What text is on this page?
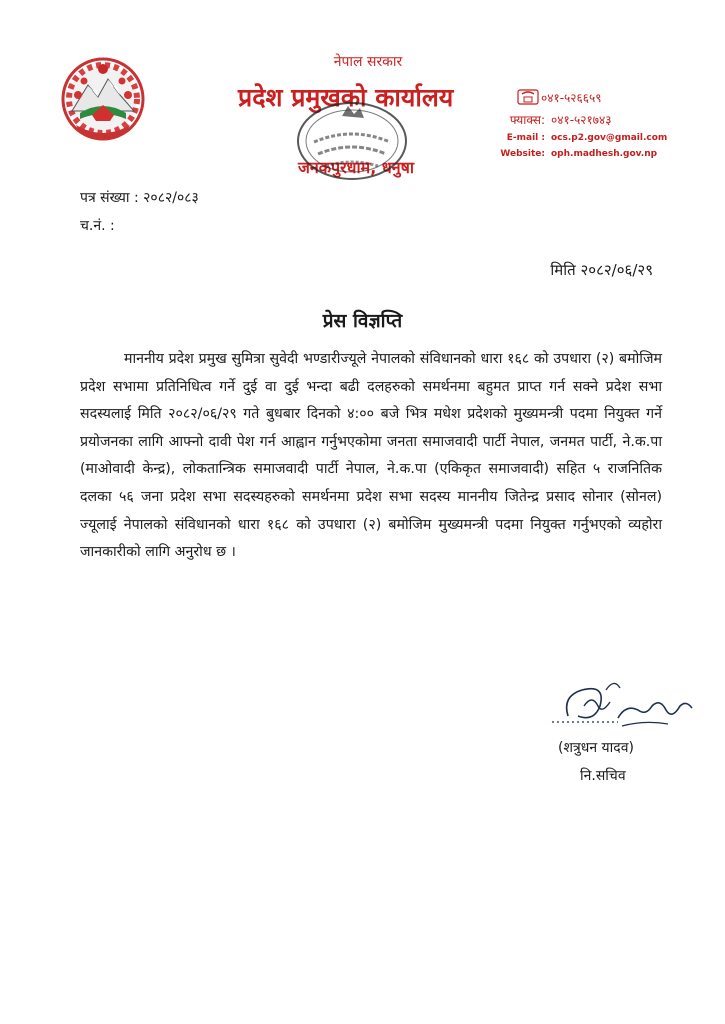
नेपाल सरकार
प्रदेश प्रमुखको कार्यालय
जनकपुरधाम, धनुषा
०४१-५२६६५९
फ्याक्स: ०४१-५२१७४३
E-mail : ocs.p2.gov@gmail.com
Website: oph.madhesh.gov.np
पत्र संख्या : २०८२/०८३
च.नं. :
मिति २०८२/०६/२९
प्रेस विज्ञप्ति
माननीय प्रदेश प्रमुख सुमित्रा सुवेदी भण्डारीज्यूले नेपालको संविधानको धारा १६८ को उपधारा (२) बमोजिम प्रदेश सभामा प्रतिनिधित्व गर्ने दुई वा दुई भन्दा बढी दलहरुको समर्थनमा बहुमत प्राप्त गर्न सक्ने प्रदेश सभा सदस्यलाई मिति २०८२/०६/२९ गते बुधबार दिनको ४:०० बजे भित्र मधेश प्रदेशको मुख्यमन्त्री पदमा नियुक्त गर्ने प्रयोजनका लागि आफ्नो दावी पेश गर्न आह्वान गर्नुभएकोमा जनता समाजवादी पार्टी नेपाल, जनमत पार्टी, ने.क.पा (माओवादी केन्द्र), लोकतान्त्रिक समाजवादी पार्टी नेपाल, ने.क.पा (एकिकृत समाजवादी) सहित ५ राजनितिक दलका ५६ जना प्रदेश सभा सदस्यहरुको समर्थनमा प्रदेश सभा सदस्य माननीय जितेन्द्र प्रसाद सोनार (सोनल) ज्यूलाई नेपालको संविधानको धारा १६८ को उपधारा (२) बमोजिम मुख्यमन्त्री पदमा नियुक्त गर्नुभएको व्यहोरा जानकारीको लागि अनुरोध छ ।
(शत्रुधन यादव)
नि.सचिव
